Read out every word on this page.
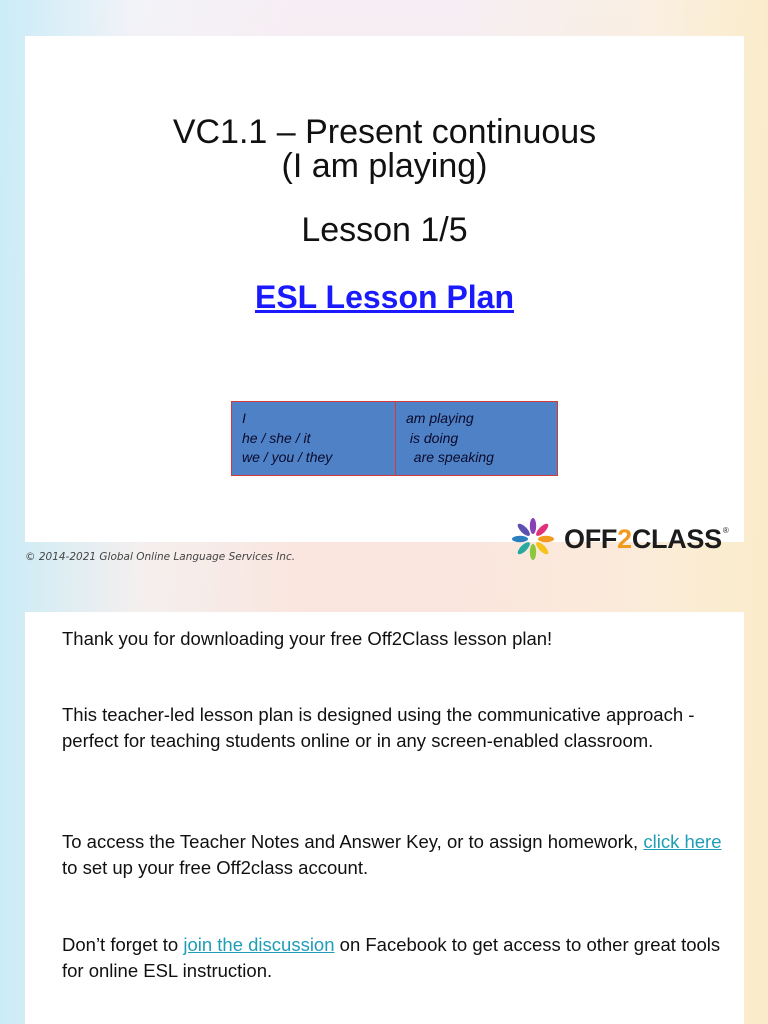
VC1.1 – Present continuous
(I am playing)
Lesson 1/5
ESL Lesson Plan
I
he / she / it
we / you / they
am playing
is doing
are speaking
© 2014-2021 Global Online Language Services Inc.
OFF2CLASS®
Thank you for downloading your free Off2Class lesson plan!
This teacher-led lesson plan is designed using the communicative approach - perfect for teaching students online or in any screen-enabled classroom.
To access the Teacher Notes and Answer Key, or to assign homework, click here to set up your free Off2class account.
Don’t forget to join the discussion on Facebook to get access to other great tools for online ESL instruction.
